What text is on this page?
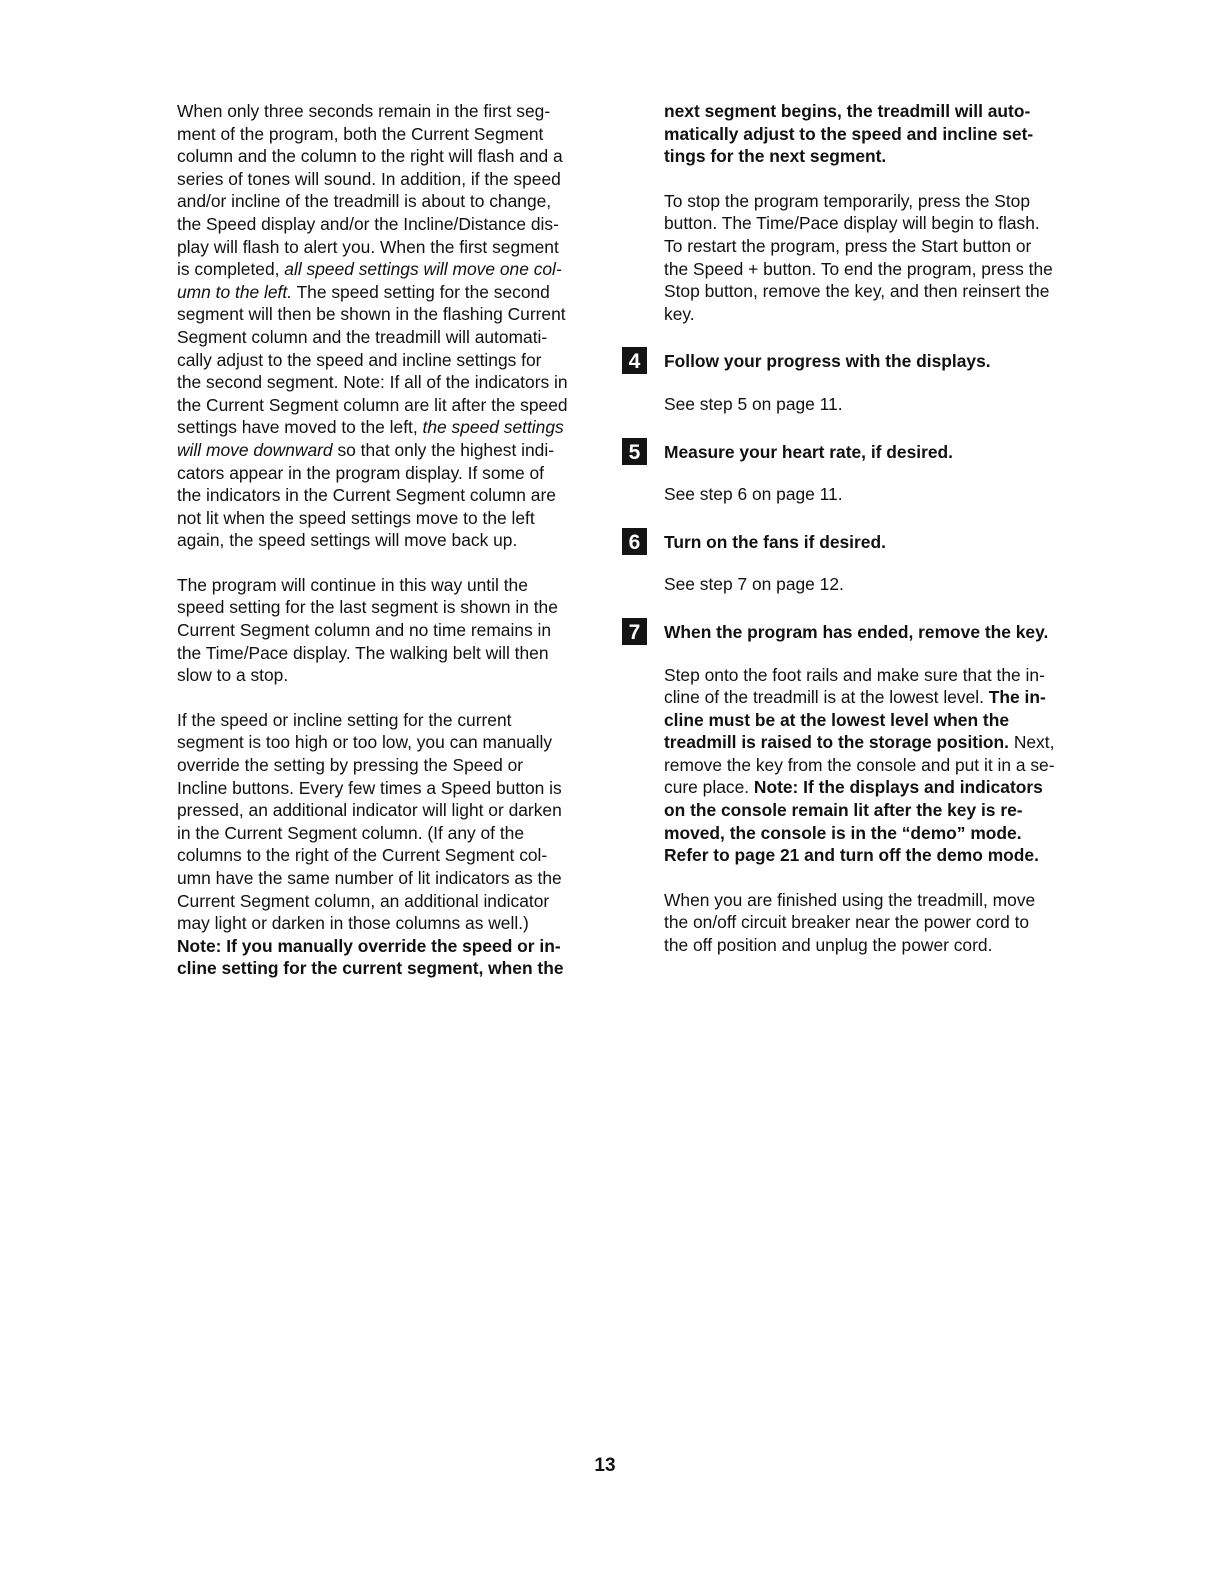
When only three seconds remain in the first seg-
ment of the program, both the Current Segment
column and the column to the right will flash and a
series of tones will sound. In addition, if the speed
and/or incline of the treadmill is about to change,
the Speed display and/or the Incline/Distance dis-
play will flash to alert you. When the first segment
is completed, all speed settings will move one col-
umn to the left. The speed setting for the second
segment will then be shown in the flashing Current
Segment column and the treadmill will automati-
cally adjust to the speed and incline settings for
the second segment. Note: If all of the indicators in
the Current Segment column are lit after the speed
settings have moved to the left, the speed settings
will move downward so that only the highest indi-
cators appear in the program display. If some of
the indicators in the Current Segment column are
not lit when the speed settings move to the left
again, the speed settings will move back up.

The program will continue in this way until the
speed setting for the last segment is shown in the
Current Segment column and no time remains in
the Time/Pace display. The walking belt will then
slow to a stop.

If the speed or incline setting for the current
segment is too high or too low, you can manually
override the setting by pressing the Speed or
Incline buttons. Every few times a Speed button is
pressed, an additional indicator will light or darken
in the Current Segment column. (If any of the
columns to the right of the Current Segment col-
umn have the same number of lit indicators as the
Current Segment column, an additional indicator
may light or darken in those columns as well.)
Note: If you manually override the speed or in-
cline setting for the current segment, when the

next segment begins, the treadmill will auto-
matically adjust to the speed and incline set-
tings for the next segment.

To stop the program temporarily, press the Stop
button. The Time/Pace display will begin to flash.
To restart the program, press the Start button or
the Speed + button. To end the program, press the
Stop button, remove the key, and then reinsert the
key.

4	Follow your progress with the displays.
See step 5 on page 11.
5	Measure your heart rate, if desired.
See step 6 on page 11.
6	Turn on the fans if desired.
See step 7 on page 12.
7	When the program has ended, remove the key.

Step onto the foot rails and make sure that the in-
cline of the treadmill is at the lowest level. The in-
cline must be at the lowest level when the
treadmill is raised to the storage position. Next,
remove the key from the console and put it in a se-
cure place. Note: If the displays and indicators
on the console remain lit after the key is re-
moved, the console is in the “demo” mode.
Refer to page 21 and turn off the demo mode.

When you are finished using the treadmill, move
the on/off circuit breaker near the power cord to
the off position and unplug the power cord.

13
